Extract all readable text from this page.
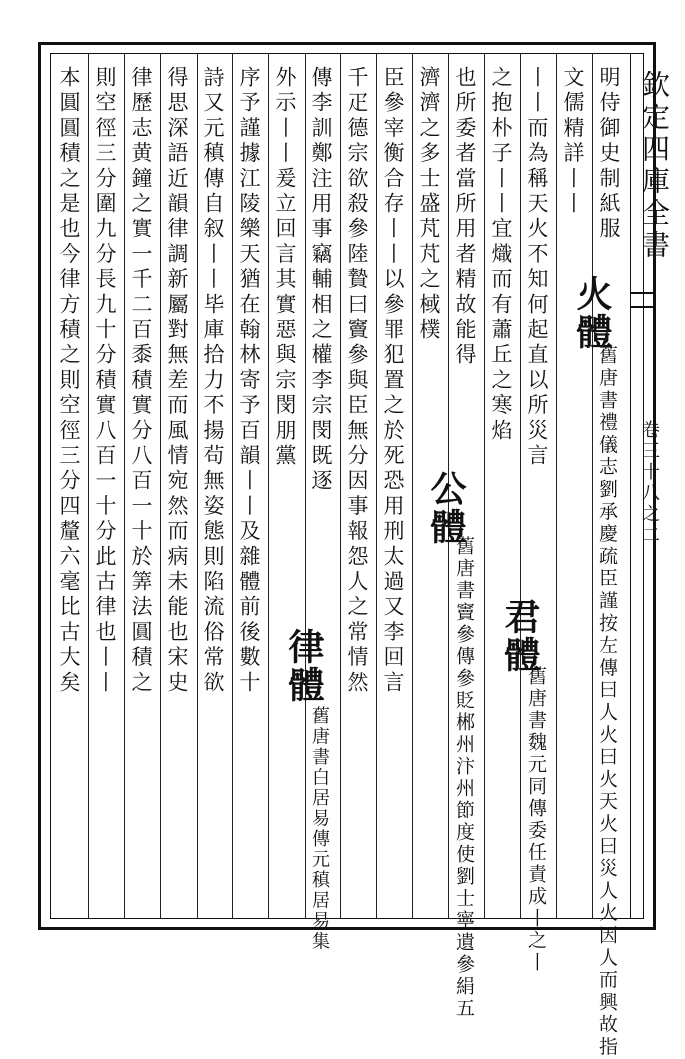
欽定四庫全書
卷三十八之二
明侍御史制紙服
文儒精詳丨丨
丨丨而為稱天火不知何起直以所災言
之抱朴子丨丨宜熾而有蕭丘之寒焰
也所委者當所用者精故能得
濟濟之多士盛芃芃之棫樸
臣參宰衡合存丨丨以參罪犯置之於死恐用刑太過又李回言
千疋德宗欲殺參陸贄曰竇參與臣無分因事報怨人之常情然
傳李訓鄭注用事竊輔相之權李宗閔既逐
外示丨丨爰立回言其實惡與宗閔朋黨
序予謹據江陵樂天猶在翰林寄予百韻丨丨及雜體前後數十
詩又元稹傳自叙丨丨毕庫拾力不揚茍無姿態則陷流俗常欲
得思深語近韻律調新屬對無差而風情宛然而病未能也宋史
律歷志黄鐘之實一千二百黍積實分八百一十於筭法圓積之
則空徑三分圍九分長九十分積實八百一十分此古律也丨丨
本圓圓積之是也今律方積之則空徑三分四釐六毫比古大矣	火體
舊唐書禮儀志劉承慶疏臣謹按左傳曰人火曰火天火曰災人火因人而興故指
君體
舊唐書魏元同傳委任責成丨之丨
公體
舊唐書竇參傳參貶郴州汴州節度使劉士寧遺參絹五
律體
舊唐書白居易傳元稹居易集
